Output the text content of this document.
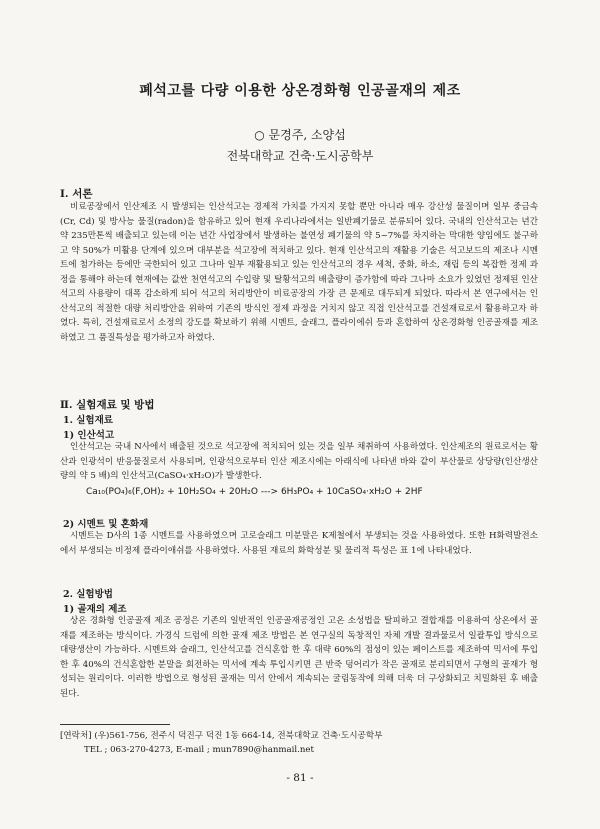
폐석고를 다량 이용한 상온경화형 인공골재의 제조
○ 문경주, 소양섭
전북대학교 건축·도시공학부
Ⅰ. 서론

비료공장에서 인산제조 시 발생되는 인산석고는 경제적 가치를 가지지 못할 뿐만 아니라 매우 강산성 물질이며 일부 중금속(Cr, Cd) 및 방사능 물질(radon)을 함유하고 있어 현재 우리나라에서는 일반폐기물로 분류되어 있다. 국내의 인산석고는 년간 약 235만톤씩 배출되고 있는데 이는 년간 사업장에서 발생하는 불연성 폐기물의 약 5~7%를 차지하는 막대한 양임에도 불구하고 약 50%가 미활용 단계에 있으며 대부분을 석고장에 적치하고 있다. 현재 인산석고의 재활용 기술은 석고보드의 제조나 시멘트에 첨가하는 등에만 국한되어 있고 그나마 일부 재활용되고 있는 인산석고의 경우 세척, 중화, 하소, 재립 등의 복잡한 정제 과정을 통해야 하는데 현재에는 값싼 천연석고의 수입량 및 탈황석고의 배출량이 증가함에 따라 그나마 소요가 있었던 정제된 인산석고의 사용량이 대폭 감소하게 되어 석고의 처리방안이 비료공장의 가장 큰 문제로 대두되게 되었다. 따라서 본 연구에서는 인산석고의 적절한 대량 처리방안을 위하여 기존의 방식인 정제 과정을 거치지 않고 직접 인산석고를 건설재료로서 활용하고자 하였다. 특히, 건설재료로서 소정의 강도를 확보하기 위해 시멘트, 슬래그, 플라이에쉬 등과 혼합하여 상온경화형 인공골재를 제조하였고 그 품질특성을 평가하고자 하였다.

Ⅱ. 실험재료 및 방법
1. 실험재료
1) 인산석고

인산석고는 국내 N사에서 배출된 것으로 석고장에 적치되어 있는 것을 일부 채취하여 사용하였다. 인산제조의 원료로서는 황산과 인광석이 반응물질로서 사용되며, 인광석으로부터 인산 제조시에는 아래식에 나타낸 바와 같이 부산물로 상당량(인산생산량의 약 5 배)의 인산석고(CaSO₄·xH₂O)가 발생한다.

Ca₁₀(PO₄)₆(F,OH)₂ + 10H₂SO₄ + 20H₂O ---> 6H₃PO₄ + 10CaSO₄·xH₂O + 2HF
2) 시멘트 및 혼화재

시멘트는 D사의 1종 시멘트를 사용하였으며 고로슬래그 미분말은 K제철에서 부생되는 것을 사용하였다. 또한 H화력발전소에서 부생되는 비정제 플라이애쉬를 사용하였다. 사용된 재료의 화학성분 및 물리적 특성은 표 1에 나타내었다.

2. 실험방법
1) 골재의 제조

상온 경화형 인공골재 제조 공정은 기존의 일반적인 인공골재공정인 고온 소성법을 탈피하고 결합재를 이용하여 상온에서 골재를 제조하는 방식이다. 가경식 드럼에 의한 골재 제조 방법은 본 연구실의 독창적인 자체 개발 결과물로서 일괄투입 방식으로 대량생산이 가능하다. 시멘트와 슬래그, 인산석고를 건식혼합 한 후 대략 60%의 점성이 있는 페이스트를 제조하여 믹서에 투입한 후 40%의 건식혼합한 분말을 회전하는 믹서에 계속 투입시키면 큰 반죽 덩어리가 작은 골재로 분리되면서 구형의 골재가 형성되는 원리이다. 이러한 방법으로 형성된 골재는 믹서 안에서 계속되는 굴림동작에 의해 더욱 더 구상화되고 치밀화된 후 배출된다.

[연락처] (우)561-756, 전주시 덕진구 덕진 1동 664-14, 전북대학교 건축·도시공학부
TEL ; 063-270-4273, E-mail ; mun7890@hanmail.net
- 81 -
